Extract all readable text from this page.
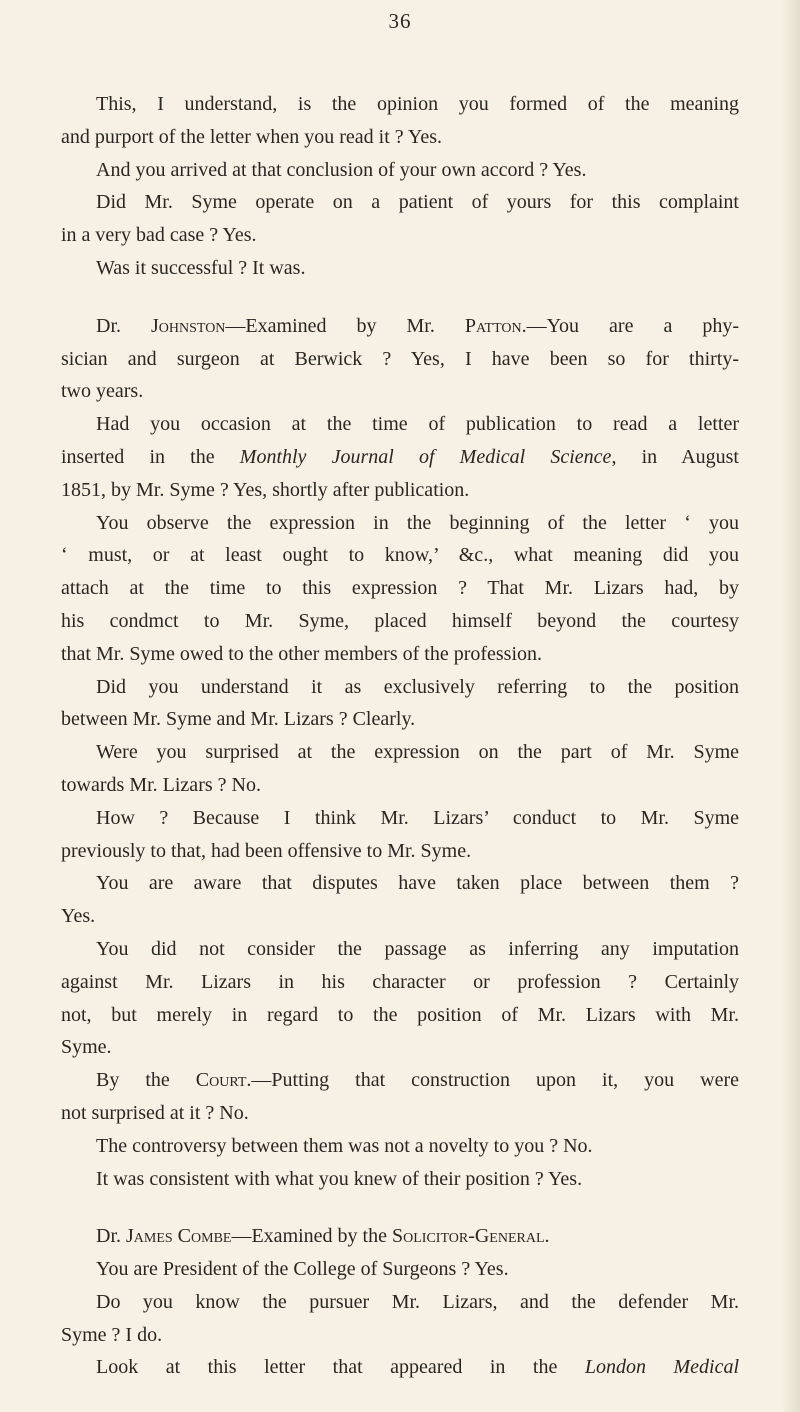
36
This, I understand, is the opinion you formed of the meaning
and purport of the letter when you read it ? Yes.
And you arrived at that conclusion of your own accord ? Yes.
Did Mr. Syme operate on a patient of yours for this complaint
in a very bad case ? Yes.
Was it successful ? It was.
Dr. Johnston—Examined by Mr. Patton.—You are a phy-
sician and surgeon at Berwick ? Yes, I have been so for thirty-
two years.
Had you occasion at the time of publication to read a letter
inserted in the Monthly Journal of Medical Science, in August
1851, by Mr. Syme ? Yes, shortly after publication.
You observe the expression in the beginning of the letter ‘ you
‘ must, or at least ought to know,’ &c., what meaning did you
attach at the time to this expression ? That Mr. Lizars had, by
his condmct to Mr. Syme, placed himself beyond the courtesy
that Mr. Syme owed to the other members of the profession.
Did you understand it as exclusively referring to the position
between Mr. Syme and Mr. Lizars ? Clearly.
Were you surprised at the expression on the part of Mr. Syme
towards Mr. Lizars ? No.
How ? Because I think Mr. Lizars’ conduct to Mr. Syme
previously to that, had been offensive to Mr. Syme.
You are aware that disputes have taken place between them ?
Yes.
You did not consider the passage as inferring any imputation
against Mr. Lizars in his character or profession ? Certainly
not, but merely in regard to the position of Mr. Lizars with Mr.
Syme.
By the Court.—Putting that construction upon it, you were
not surprised at it ? No.
The controversy between them was not a novelty to you ? No.
It was consistent with what you knew of their position ? Yes.
Dr. James Combe—Examined by the Solicitor-General.
You are President of the College of Surgeons ? Yes.
Do you know the pursuer Mr. Lizars, and the defender Mr.
Syme ? I do.
Look at this letter that appeared in the London Medical
